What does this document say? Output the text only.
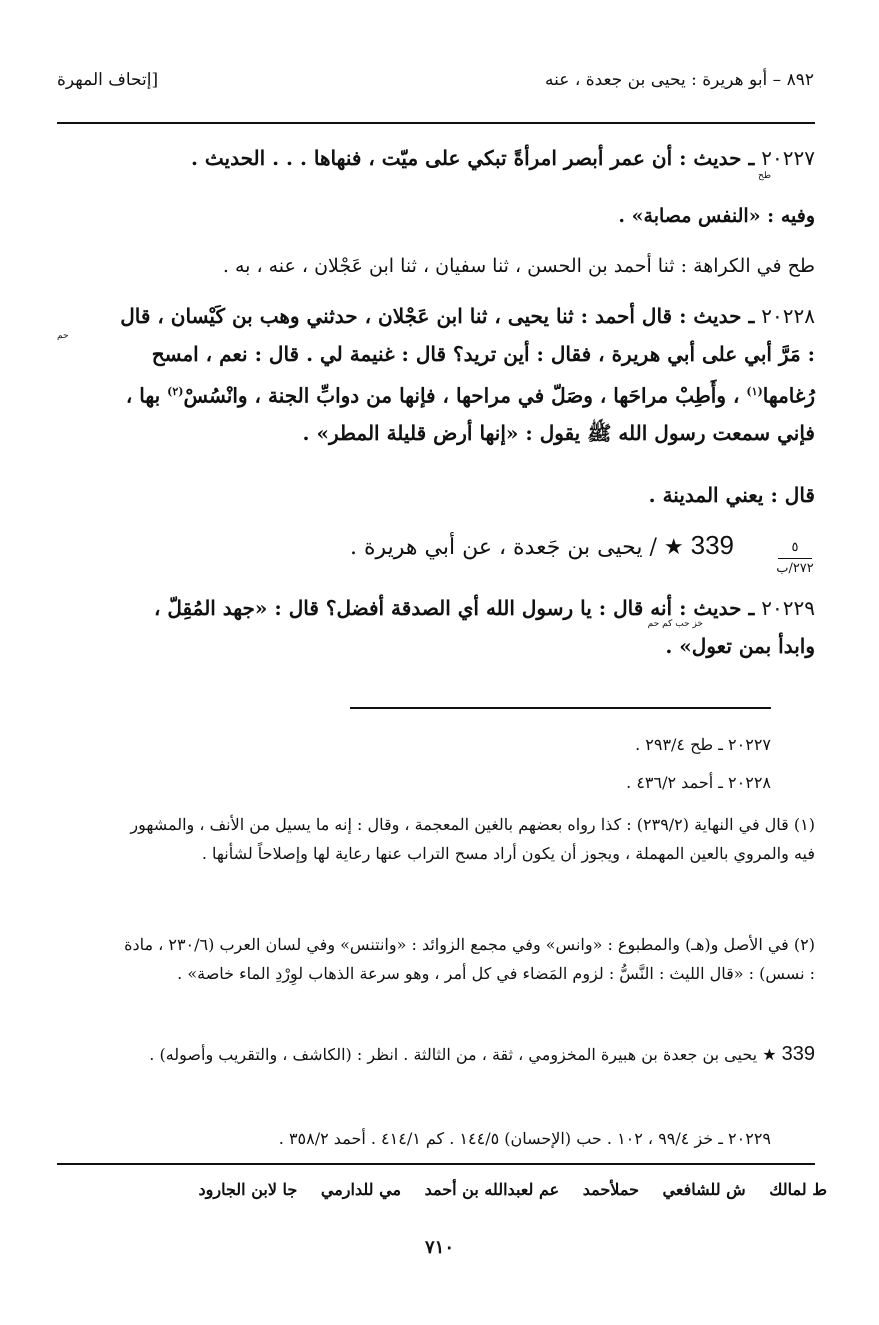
٨٩٢ – أبو هريرة : يحيى بن جعدة ، عنه
[إتحاف المهرة

٢٠٢٢٧ ـ حديث : أن عمر أبصر امرأةً تبكي على ميّت ، فنهاها . . . الحديث .

طح

وفيه : «النفس مصابة» .

طح في الكراهة : ثنا أحمد بن الحسن ، ثنا سفيان ، ثنا ابن عَجْلان ، عنه ، به .

٢٠٢٢٨ ـ حديث : قال أحمد : ثنا يحيى ، ثنا ابن عَجْلان ، حدثني وهب بن كَيْسان ، قال : مَرَّ أبي على أبي هريرة ، فقال : أين تريد؟ قال : غنيمة لي . قال : نعم ، امسح رُغامها$^{(١)}$ ، وأَطِبْ مراحَها ، وصَلّ في مراحها ، فإنها من دوابِّ الجنة ، وانْسُسْ$^{(٢)}$ بها ، فإني سمعت رسول الله ﷺ يقول : «إنها أرض قليلة المطر» .

حم

قال : يعني المدينة .

339 ★ / يحيى بن جَعدة ، عن أبي هريرة .	٥
٢٧٢/ب

٢٠٢٢٩ ـ حديث : أنه قال : يا رسول الله أي الصدقة أفضل؟ قال : «جهد المُقِلّ ، وابدأ بمن تعول» .

خز حب كم حم

٢٠٢٢٧ ـ طح ٢٩٣/٤ .

٢٠٢٢٨ ـ أحمد ٤٣٦/٢ .

(١) قال في النهاية (٢٣٩/٢) : كذا رواه بعضهم بالغين المعجمة ، وقال : إنه ما يسيل من الأنف ، والمشهور فيه والمروي بالعين المهملة ، ويجوز أن يكون أراد مسح التراب عنها رعاية لها وإصلاحاً لشأنها .

(٢) في الأصل و(هـ) والمطبوع : «وانس» وفي مجمع الزوائد : «وانتنس» وفي لسان العرب (٢٣٠/٦ ، مادة : نسس) : «قال الليث : النَّسُّ : لزوم المَضاء في كل أمر ، وهو سرعة الذهاب لوِرْدِ الماء خاصة» .

339 ★ يحيى بن جعدة بن هبيرة المخزومي ، ثقة ، من الثالثة . انظر : (الكاشف ، والتقريب وأصوله) .

٢٠٢٢٩ ـ خز ٩٩/٤ ، ١٠٢ . حب (الإحسان) ١٤٤/٥ . كم ٤١٤/١ . أحمد ٣٥٨/٢ .

ط لمالك ش للشافعي حملأحمد عم لعبدالله بن أحمد مي للدارمي جا لابن الجارود
٧١٠
